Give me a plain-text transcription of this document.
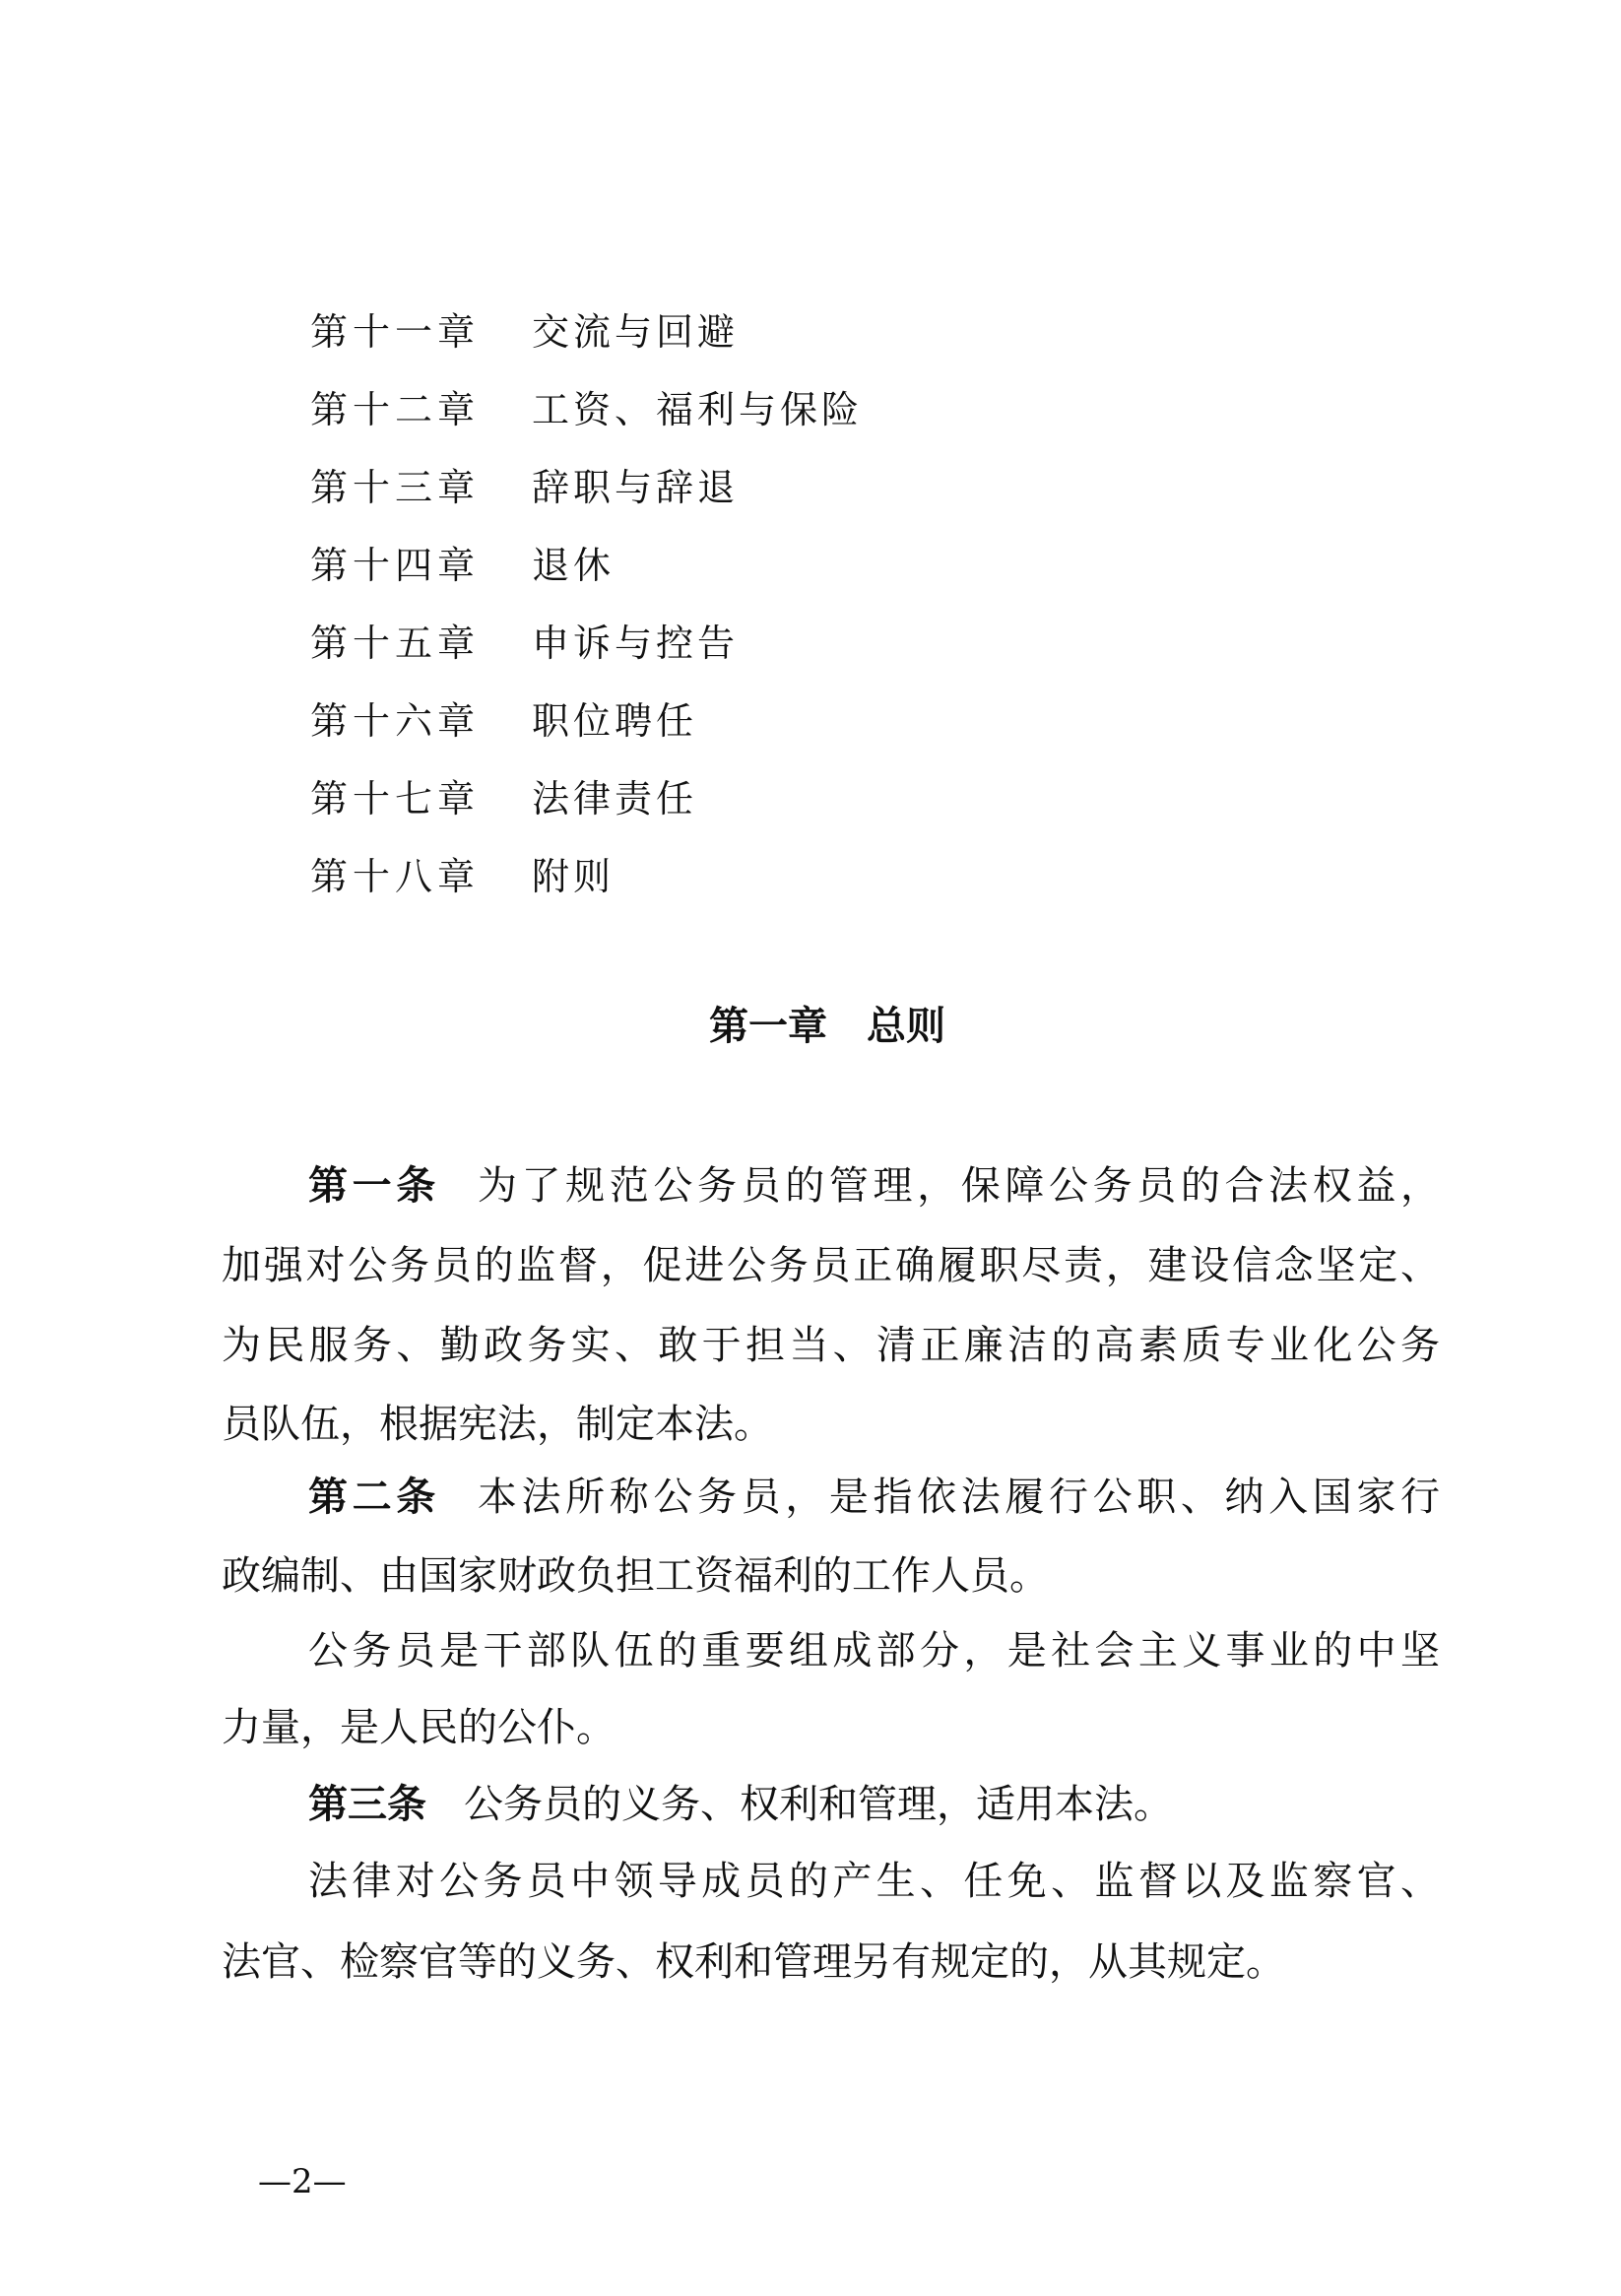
第十一章 交流与回避
第十二章 工资、福利与保险
第十三章 辞职与辞退
第十四章 退休
第十五章 申诉与控告
第十六章 职位聘任
第十七章 法律责任
第十八章 附则
第一章　总则
第一条 为了规范公务员的管理，保障公务员的合法权益，
加强对公务员的监督，促进公务员正确履职尽责，建设信念坚定、
为民服务、勤政务实、敢于担当、清正廉洁的高素质专业化公务
员队伍，根据宪法，制定本法。
第二条 本法所称公务员，是指依法履行公职、纳入国家行
政编制、由国家财政负担工资福利的工作人员。
公务员是干部队伍的重要组成部分，是社会主义事业的中坚
力量，是人民的公仆。
第三条 公务员的义务、权利和管理，适用本法。
法律对公务员中领导成员的产生、任免、监督以及监察官、
法官、检察官等的义务、权利和管理另有规定的，从其规定。
—2—
